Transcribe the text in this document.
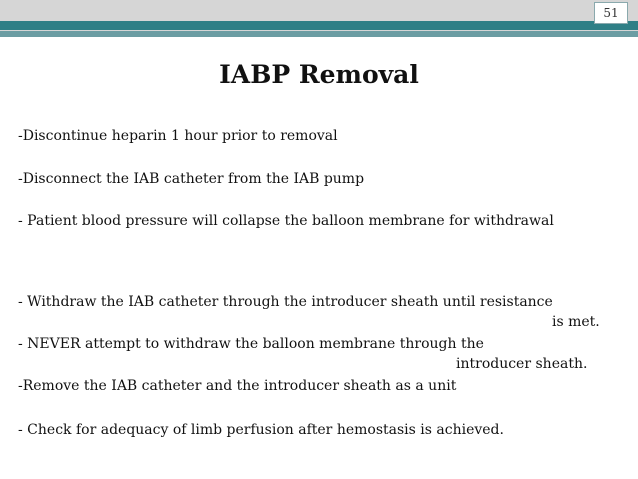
51
IABP Removal
-Discontinue heparin 1 hour prior to removal
-Disconnect the IAB catheter from the IAB pump
- Patient blood pressure will collapse the balloon membrane for withdrawal
- Withdraw the IAB catheter through the introducer sheath until resistance
is met.
- NEVER attempt to withdraw the balloon membrane through the
introducer sheath.
-Remove the IAB catheter and the introducer sheath as a unit
- Check for adequacy of limb perfusion after hemostasis is achieved.
